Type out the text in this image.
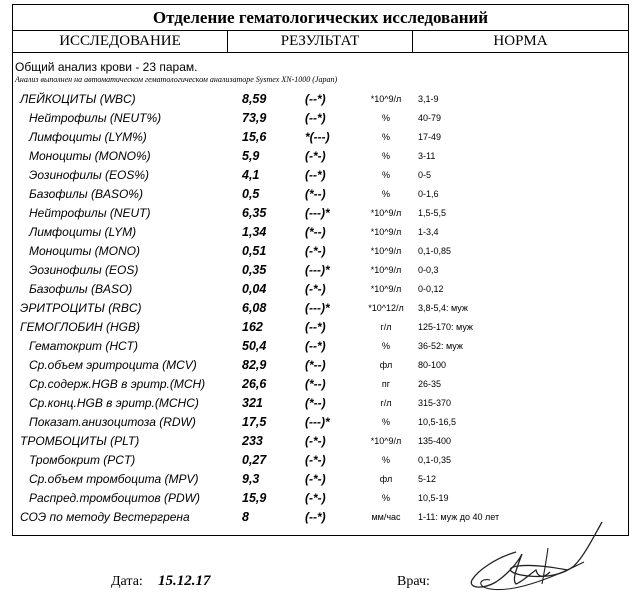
Отделение гематологических исследований
ИССЛЕДОВАНИЕ	РЕЗУЛЬТАТ	НОРМА
Общий анализ крови - 23 парам.
Анализ выполнен на автоматическом гематологическом анализаторе Sysmex XN-1000 (Japan)
ЛЕЙКОЦИТЫ (WBC)	8,59	(--*)	*10^9/л	3,1-9
Нейтрофилы (NEUT%)	73,9	(--*)	%	40-79
Лимфоциты (LYM%)	15,6	*(---)	%	17-49
Моноциты (MONO%)	5,9	(-*-)	%	3-11
Эозинофилы (EOS%)	4,1	(--*)	%	0-5
Базофилы (BASO%)	0,5	(*--)	%	0-1,6
Нейтрофилы (NEUT)	6,35	(---)*	*10^9/л	1,5-5,5
Лимфоциты (LYM)	1,34	(*--)	*10^9/л	1-3,4
Моноциты (MONO)	0,51	(-*-)	*10^9/л	0,1-0,85
Эозинофилы (EOS)	0,35	(---)*	*10^9/л	0-0,3
Базофилы (BASO)	0,04	(-*-)	*10^9/л	0-0,12
ЭРИТРОЦИТЫ (RBC)	6,08	(---)*	*10^12/л	3,8-5,4: муж
ГЕМОГЛОБИН (HGB)	162	(--*)	г/л	125-170: муж
Гематокрит (HCT)	50,4	(--*)	%	36-52: муж
Ср.объем эритроцита (MCV)	82,9	(*--)	фл	80-100
Ср.содерж.HGB в эритр.(MCH)	26,6	(*--)	пг	26-35
Ср.конц.HGB в эритр.(MCHC)	321	(*--)	г/л	315-370
Показат.анизоцитоза (RDW)	17,5	(---)*	%	10,5-16,5
ТРОМБОЦИТЫ (PLT)	233	(-*-)	*10^9/л	135-400
Тромбокрит (PCT)	0,27	(-*-)	%	0,1-0,35
Ср.объем тромбоцита (MPV)	9,3	(-*-)	фл	5-12
Распред.тромбоцитов (PDW)	15,9	(-*-)	%	10,5-19
СОЭ по методу Вестергрена	8	(--*)	мм/час	1-11: муж до 40 лет
Дата: 15.12.17	Врач:
